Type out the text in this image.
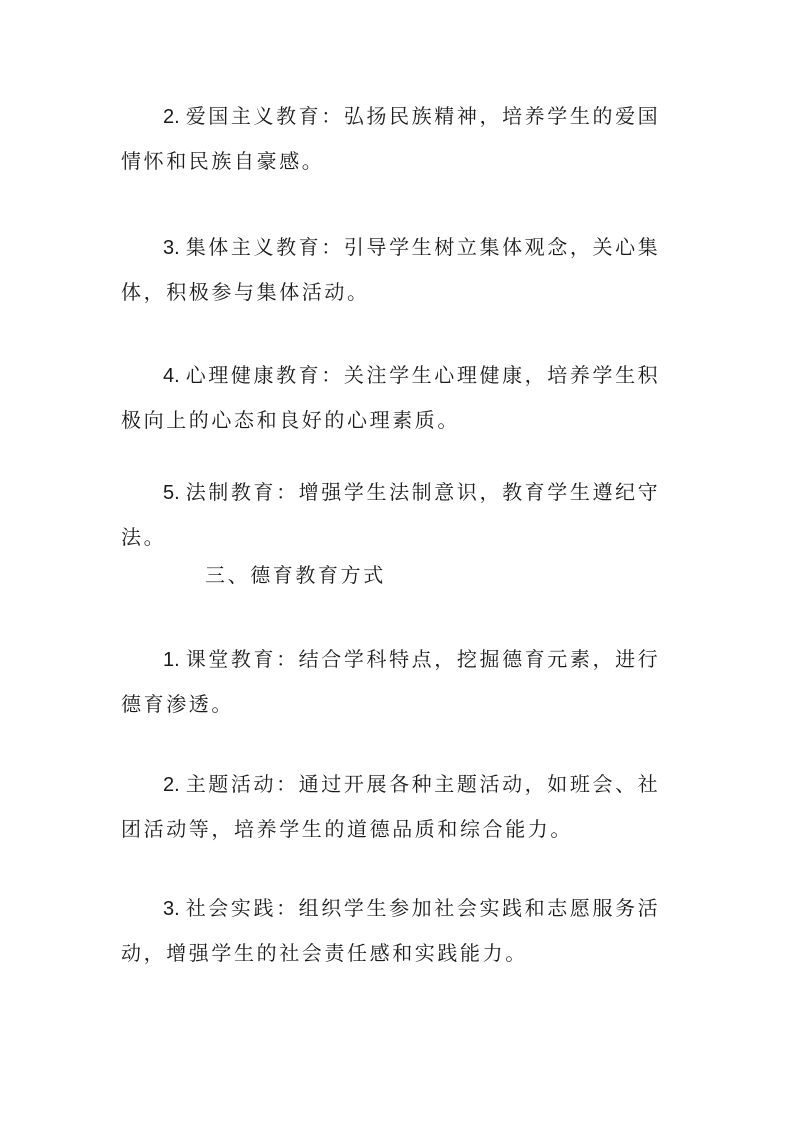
2. 爱国主义教育：弘扬民族精神，培养学生的爱国情怀和民族自豪感。

3. 集体主义教育：引导学生树立集体观念，关心集体，积极参与集体活动。

4. 心理健康教育：关注学生心理健康，培养学生积极向上的心态和良好的心理素质。

5. 法制教育：增强学生法制意识，教育学生遵纪守法。

三、德育教育方式

1. 课堂教育：结合学科特点，挖掘德育元素，进行德育渗透。

2. 主题活动：通过开展各种主题活动，如班会、社团活动等，培养学生的道德品质和综合能力。

3. 社会实践：组织学生参加社会实践和志愿服务活动，增强学生的社会责任感和实践能力。
